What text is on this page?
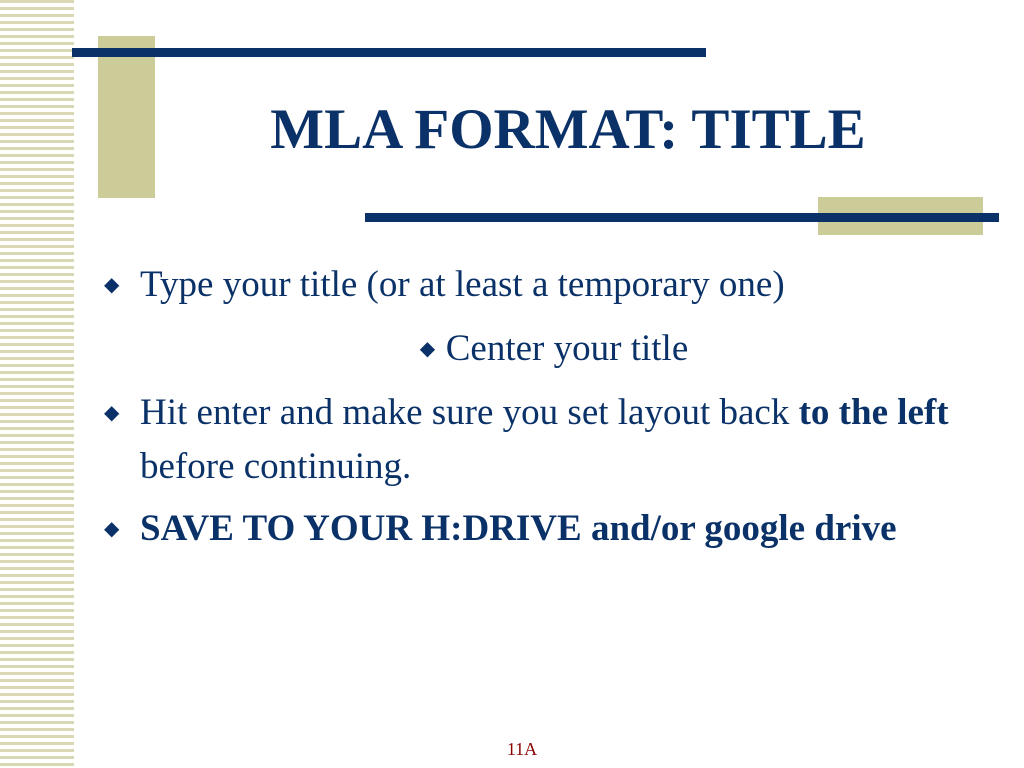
MLA FORMAT: TITLE
◆ Type your title (or at least a temporary one)
◆ Center your title
◆ Hit enter and make sure you set layout back to the left before continuing.
◆ SAVE TO YOUR H:DRIVE and/or google drive
11A
